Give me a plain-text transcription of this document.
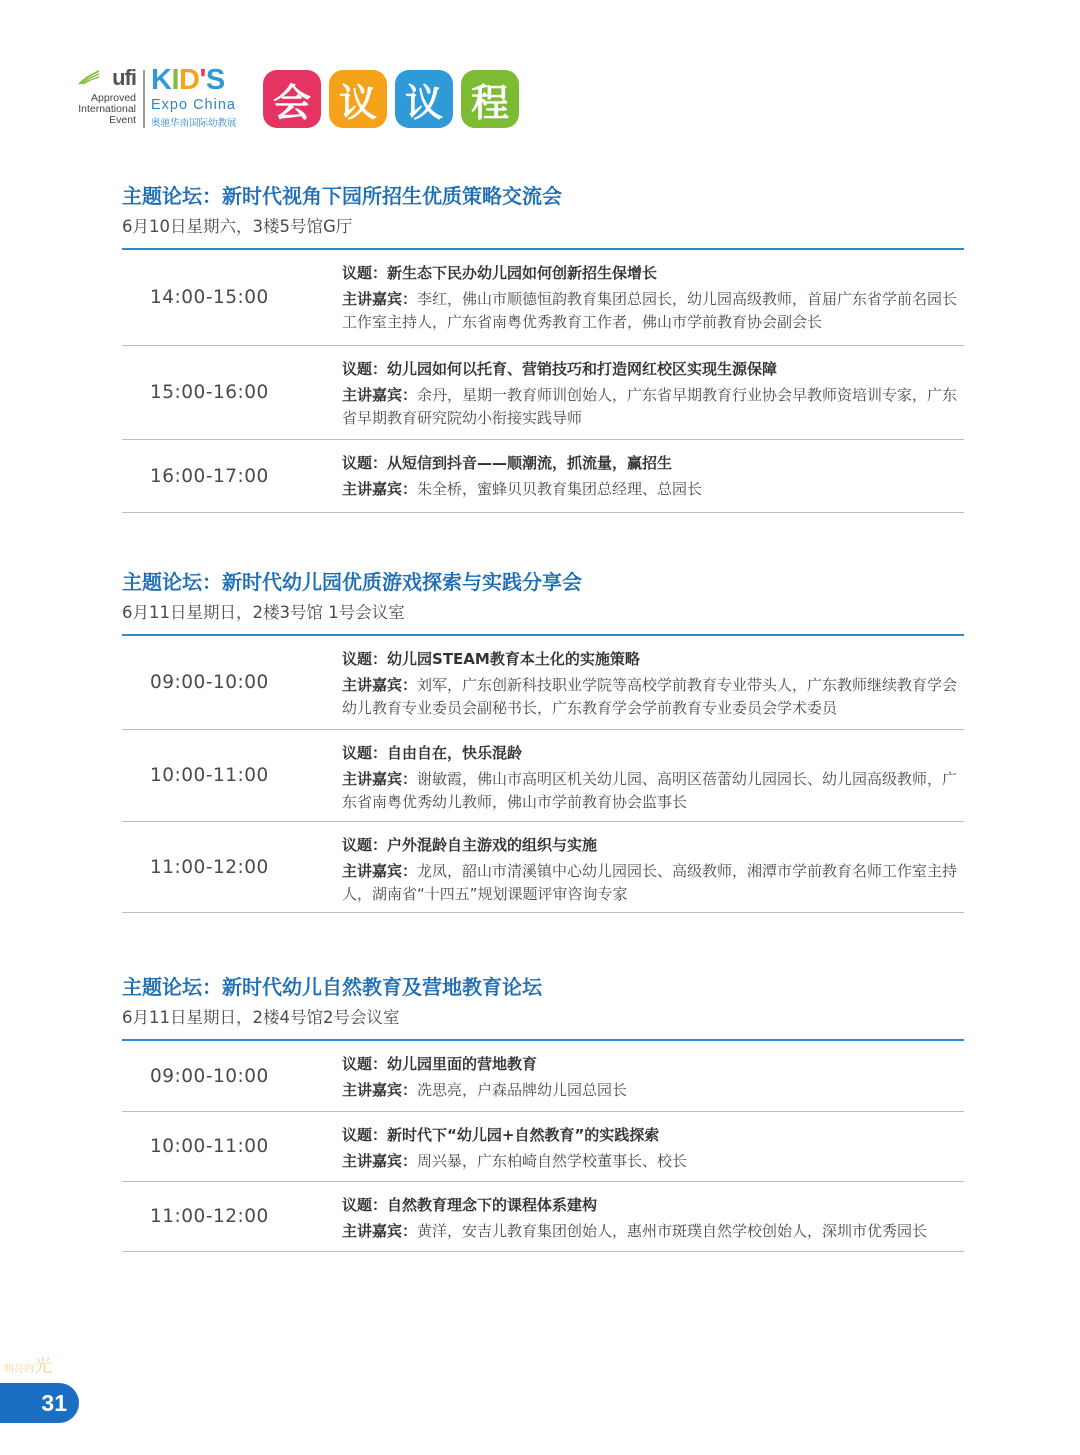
ufi
Approved
International
Event
KID'S
Expo China
奥驰华南国际幼教展 会 议 议 程
主题论坛：新时代视角下园所招生优质策略交流会
6月10日星期六，3楼5号馆G厅
14:00-15:00
议题：新生态下民办幼儿园如何创新招生保增长
主讲嘉宾：李红，佛山市顺德恒韵教育集团总园长，幼儿园高级教师，首届广东省学前名园长工作室主持人，广东省南粤优秀教育工作者，佛山市学前教育协会副会长
15:00-16:00
议题：幼儿园如何以托育、营销技巧和打造网红校区实现生源保障
主讲嘉宾：余丹，星期一教育师训创始人，广东省早期教育行业协会早教师资培训专家，广东省早期教育研究院幼小衔接实践导师
16:00-17:00
议题：从短信到抖音——顺潮流，抓流量，赢招生
主讲嘉宾：朱全桥，蜜蜂贝贝教育集团总经理、总园长
主题论坛：新时代幼儿园优质游戏探索与实践分享会
6月11日星期日，2楼3号馆 1号会议室
09:00-10:00
议题：幼儿园STEAM教育本土化的实施策略
主讲嘉宾：刘军，广东创新科技职业学院等高校学前教育专业带头人，广东教师继续教育学会幼儿教育专业委员会副秘书长，广东教育学会学前教育专业委员会学术委员
10:00-11:00
议题：自由自在，快乐混龄
主讲嘉宾：谢敏霞，佛山市高明区机关幼儿园、高明区蓓蕾幼儿园园长、幼儿园高级教师，广东省南粤优秀幼儿教师，佛山市学前教育协会监事长
11:00-12:00
议题：户外混龄自主游戏的组织与实施
主讲嘉宾：龙凤，韶山市清溪镇中心幼儿园园长、高级教师，湘潭市学前教育名师工作室主持人，湖南省“十四五”规划课题评审咨询专家
主题论坛：新时代幼儿自然教育及营地教育论坛
6月11日星期日，2楼4号馆2号会议室
09:00-10:00
议题：幼儿园里面的营地教育
主讲嘉宾：冼思亮，户森品牌幼儿园总园长
10:00-11:00
议题：新时代下“幼儿园+自然教育”的实践探索
主讲嘉宾：周兴暴，广东柏崎自然学校董事长、校长
11:00-12:00
议题：自然教育理念下的课程体系建构
主讲嘉宾：黄洋，安吉儿教育集团创始人，惠州市斑璞自然学校创始人，深圳市优秀园长
明亮的光
31
